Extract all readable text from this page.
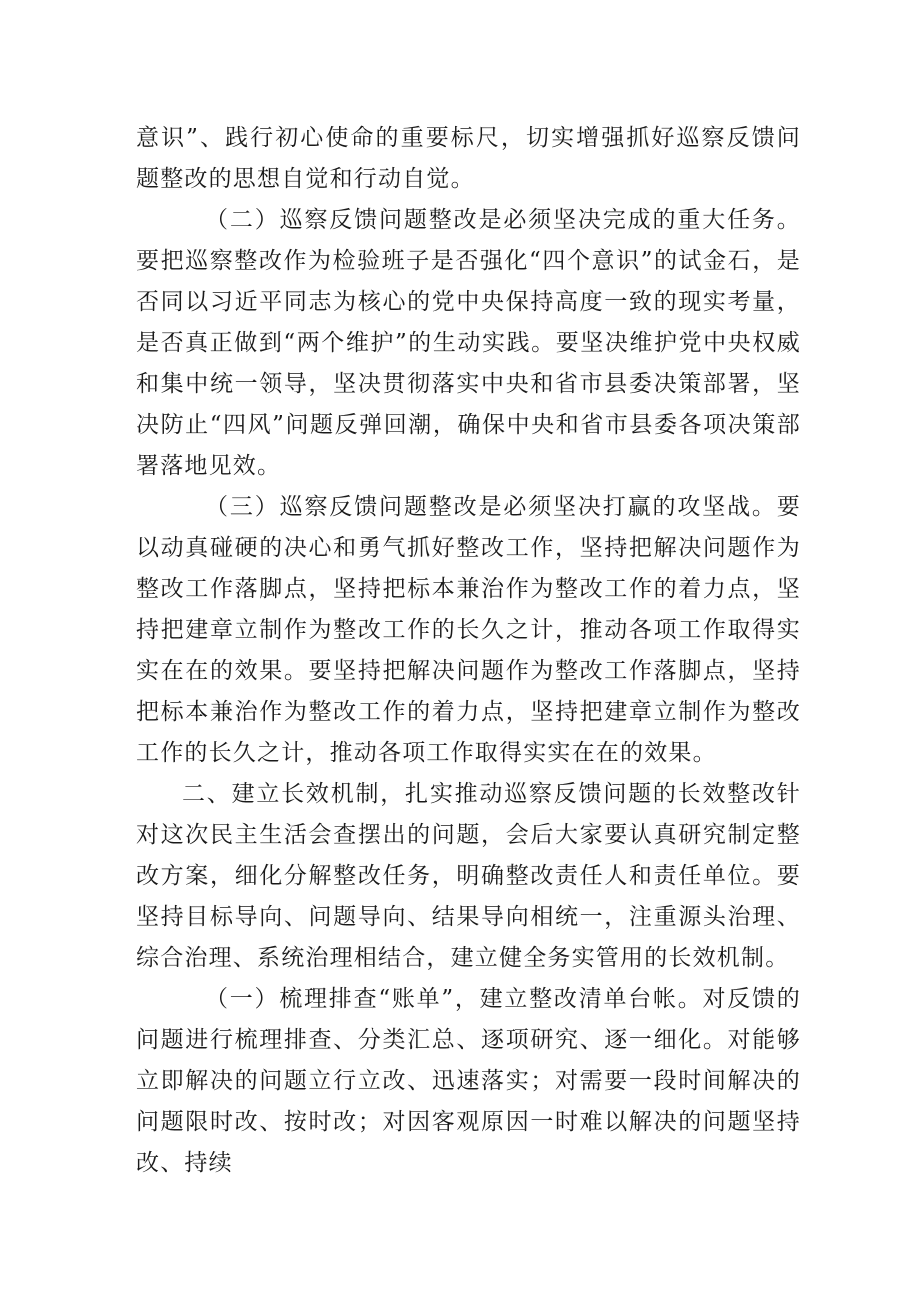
意识”、践行初心使命的重要标尺，切实增强抓好巡察反馈问题整改的思想自觉和行动自觉。

（二）巡察反馈问题整改是必须坚决完成的重大任务。要把巡察整改作为检验班子是否强化“四个意识”的试金石，是否同以习近平同志为核心的党中央保持高度一致的现实考量，是否真正做到“两个维护”的生动实践。要坚决维护党中央权威和集中统一领导，坚决贯彻落实中央和省市县委决策部署，坚决防止“四风”问题反弹回潮，确保中央和省市县委各项决策部署落地见效。

（三）巡察反馈问题整改是必须坚决打赢的攻坚战。要以动真碰硬的决心和勇气抓好整改工作，坚持把解决问题作为整改工作落脚点，坚持把标本兼治作为整改工作的着力点，坚持把建章立制作为整改工作的长久之计，推动各项工作取得实实在在的效果。要坚持把解决问题作为整改工作落脚点，坚持把标本兼治作为整改工作的着力点，坚持把建章立制作为整改工作的长久之计，推动各项工作取得实实在在的效果。

二、建立长效机制，扎实推动巡察反馈问题的长效整改针对这次民主生活会查摆出的问题，会后大家要认真研究制定整改方案，细化分解整改任务，明确整改责任人和责任单位。要坚持目标导向、问题导向、结果导向相统一，注重源头治理、综合治理、系统治理相结合，建立健全务实管用的长效机制。

（一）梳理排查“账单”，建立整改清单台帐。对反馈的问题进行梳理排查、分类汇总、逐项研究、逐一细化。对能够立即解决的问题立行立改、迅速落实；对需要一段时间解决的问题限时改、按时改；对因客观原因一时难以解决的问题坚持改、持续
